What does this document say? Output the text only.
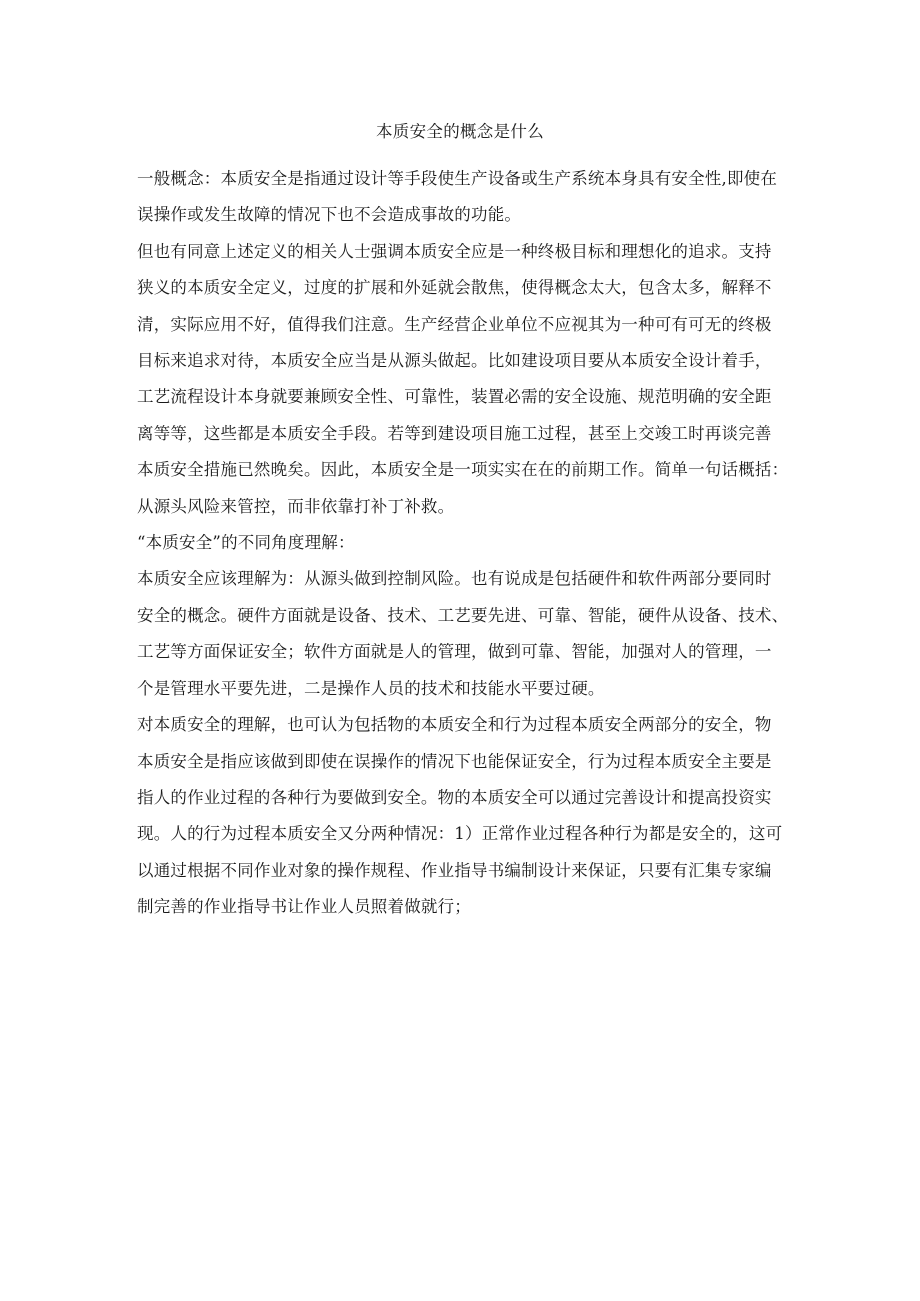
本质安全的概念是什么

一般概念：本质安全是指通过设计等手段使生产设备或生产系统本身具有安全性,即使在
误操作或发生故障的情况下也不会造成事故的功能。

但也有同意上述定义的相关人士强调本质安全应是一种终极目标和理想化的追求。支持
狭义的本质安全定义，过度的扩展和外延就会散焦，使得概念太大，包含太多，解释不
清，实际应用不好，值得我们注意。生产经营企业单位不应视其为一种可有可无的终极
目标来追求对待，本质安全应当是从源头做起。比如建设项目要从本质安全设计着手，
工艺流程设计本身就要兼顾安全性、可靠性，装置必需的安全设施、规范明确的安全距
离等等，这些都是本质安全手段。若等到建设项目施工过程，甚至上交竣工时再谈完善
本质安全措施已然晚矣。因此，本质安全是一项实实在在的前期工作。简单一句话概括：
从源头风险来管控，而非依靠打补丁补救。

“本质安全”的不同角度理解：

本质安全应该理解为：从源头做到控制风险。也有说成是包括硬件和软件两部分要同时
安全的概念。硬件方面就是设备、技术、工艺要先进、可靠、智能，硬件从设备、技术、
工艺等方面保证安全；软件方面就是人的管理，做到可靠、智能，加强对人的管理，一
个是管理水平要先进，二是操作人员的技术和技能水平要过硬。

对本质安全的理解，也可认为包括物的本质安全和行为过程本质安全两部分的安全，物
本质安全是指应该做到即使在误操作的情况下也能保证安全，行为过程本质安全主要是
指人的作业过程的各种行为要做到安全。物的本质安全可以通过完善设计和提高投资实
现。人的行为过程本质安全又分两种情况：1）正常作业过程各种行为都是安全的，这可
以通过根据不同作业对象的操作规程、作业指导书编制设计来保证，只要有汇集专家编
制完善的作业指导书让作业人员照着做就行；
